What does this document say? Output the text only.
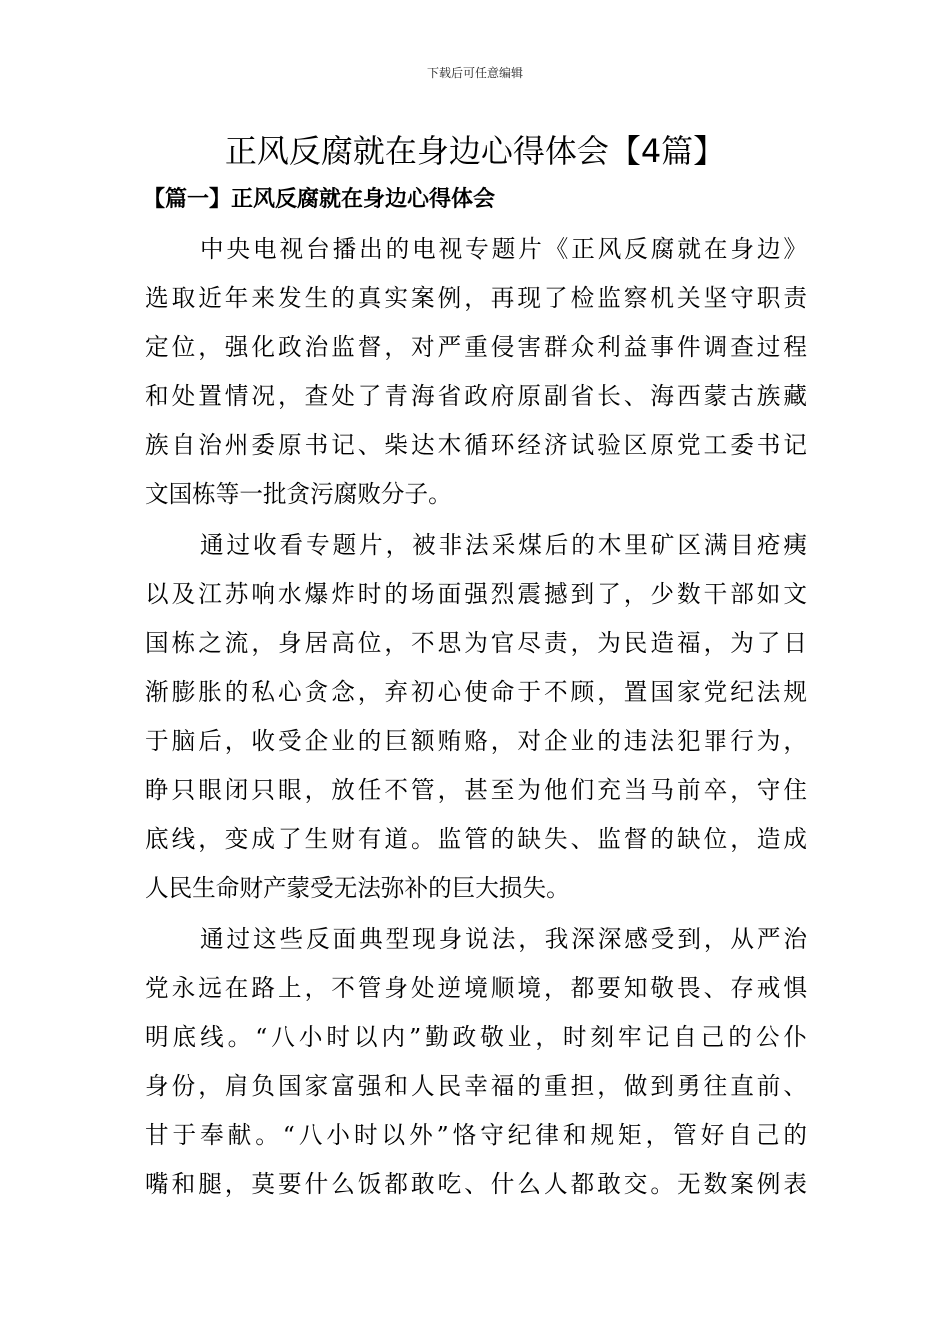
下载后可任意编辑
正风反腐就在身边心得体会【4篇】
【篇一】正风反腐就在身边心得体会
中央电视台播出的电视专题片《正风反腐就在身边》
选取近年来发生的真实案例，再现了检监察机关坚守职责
定位，强化政治监督，对严重侵害群众利益事件调查过程
和处置情况，查处了青海省政府原副省长、海西蒙古族藏
族自治州委原书记、柴达木循环经济试验区原党工委书记
文国栋等一批贪污腐败分子。
通过收看专题片，被非法采煤后的木里矿区满目疮痍
以及江苏响水爆炸时的场面强烈震撼到了，少数干部如文
国栋之流，身居高位，不思为官尽责，为民造福，为了日
渐膨胀的私心贪念，弃初心使命于不顾，置国家党纪法规
于脑后，收受企业的巨额贿赂，对企业的违法犯罪行为，
睁只眼闭只眼，放任不管，甚至为他们充当马前卒，守住
底线，变成了生财有道。监管的缺失、监督的缺位，造成
人民生命财产蒙受无法弥补的巨大损失。
通过这些反面典型现身说法，我深深感受到，从严治
党永远在路上，不管身处逆境顺境，都要知敬畏、存戒惧
明底线。“八小时以内”勤政敬业，时刻牢记自己的公仆
身份，肩负国家富强和人民幸福的重担，做到勇往直前、
甘于奉献。“八小时以外”恪守纪律和规矩，管好自己的
嘴和腿，莫要什么饭都敢吃、什么人都敢交。无数案例表
